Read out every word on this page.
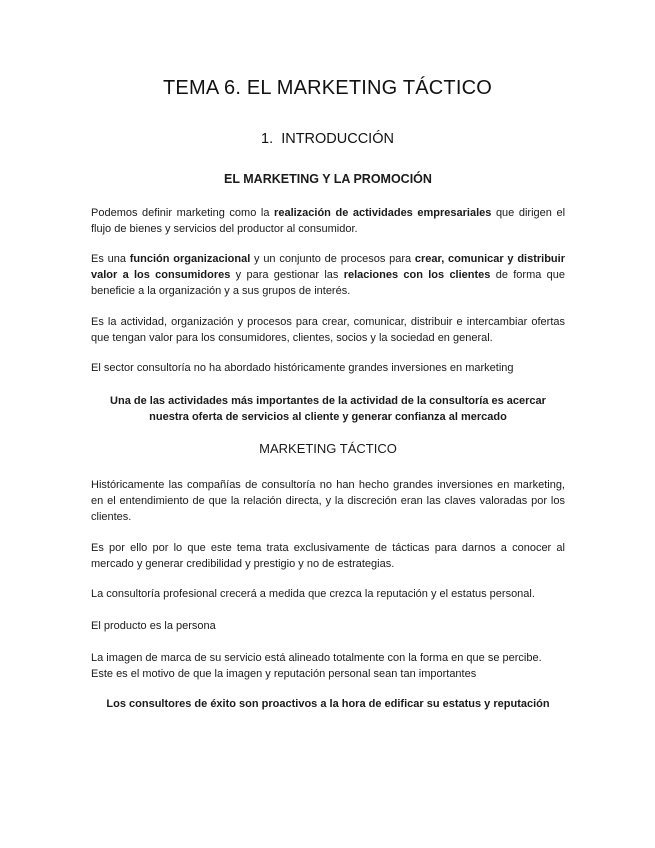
TEMA 6. EL MARKETING TÁCTICO
1. INTRODUCCIÓN
EL MARKETING Y LA PROMOCIÓN

Podemos definir marketing como la realización de actividades empresariales que dirigen el flujo de bienes y servicios del productor al consumidor.

Es una función organizacional y un conjunto de procesos para crear, comunicar y distribuir valor a los consumidores y para gestionar las relaciones con los clientes de forma que beneficie a la organización y a sus grupos de interés.

Es la actividad, organización y procesos para crear, comunicar, distribuir e intercambiar ofertas que tengan valor para los consumidores, clientes, socios y la sociedad en general.

El sector consultoría no ha abordado históricamente grandes inversiones en marketing

Una de las actividades más importantes de la actividad de la consultoría es acercar
nuestra oferta de servicios al cliente y generar confianza al mercado
MARKETING TÁCTICO

Históricamente las compañías de consultoría no han hecho grandes inversiones en marketing, en el entendimiento de que la relación directa, y la discreción eran las claves valoradas por los clientes.

Es por ello por lo que este tema trata exclusivamente de tácticas para darnos a conocer al mercado y generar credibilidad y prestigio y no de estrategias.

La consultoría profesional crecerá a medida que crezca la reputación y el estatus personal.

El producto es la persona

La imagen de marca de su servicio está alineado totalmente con la forma en que se percibe. Este es el motivo de que la imagen y reputación personal sean tan importantes

Los consultores de éxito son proactivos a la hora de edificar su estatus y reputación
